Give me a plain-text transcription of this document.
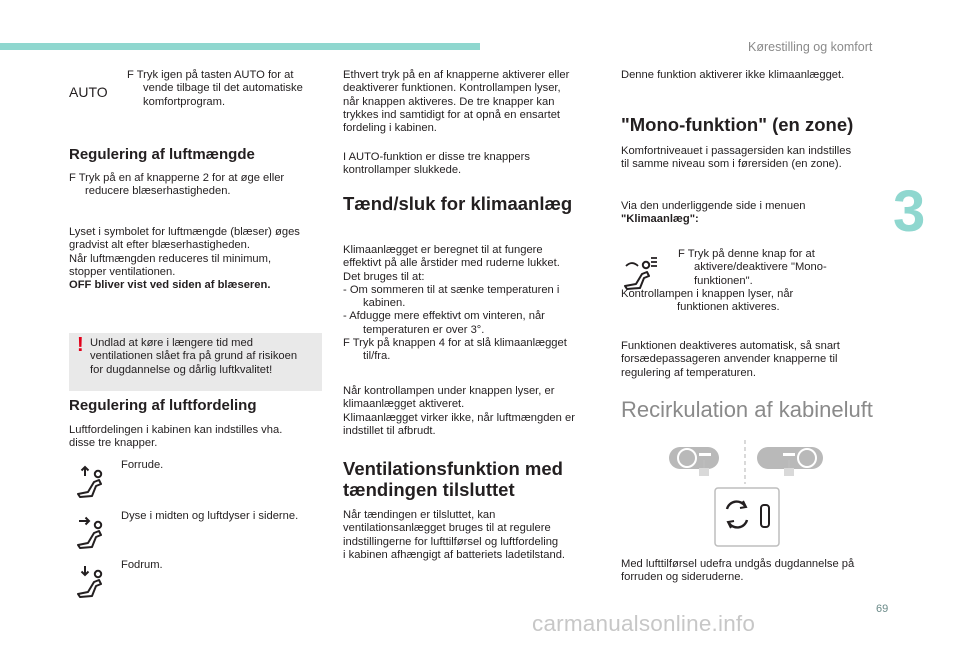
Kørestilling og komfort
3
AUTO
F Tryk igen på tasten AUTO for at
vende tilbage til det automatiske
komfortprogram.
Regulering af luftmængde
F Tryk på en af knapperne 2 for at øge eller
reducere blæserhastigheden.
Lyset i symbolet for luftmængde (blæser) øges
gradvist alt efter blæserhastigheden.
Når luftmængden reduceres til minimum,
stopper ventilationen.
OFF bliver vist ved siden af blæseren.
! Undlad at køre i længere tid med
ventilationen slået fra på grund af risikoen
for dugdannelse og dårlig luftkvalitet!
Regulering af luftfordeling
Luftfordelingen i kabinen kan indstilles vha.
disse tre knapper.
Forrude.
Dyse i midten og luftdyser i siderne.
Fodrum.
Ethvert tryk på en af knapperne aktiverer eller
deaktiverer funktionen. Kontrollampen lyser,
når knappen aktiveres. De tre knapper kan
trykkes ind samtidigt for at opnå en ensartet
fordeling i kabinen.
I AUTO-funktion er disse tre knappers
kontrollamper slukkede.
Tænd/sluk for klimaanlæg
Klimaanlægget er beregnet til at fungere
effektivt på alle årstider med ruderne lukket.
Det bruges til at:
- Om sommeren til at sænke temperaturen i
kabinen.
- Afdugge mere effektivt om vinteren, når
temperaturen er over 3°.
F Tryk på knappen 4 for at slå klimaanlægget
til/fra.
Når kontrollampen under knappen lyser, er
klimaanlægget aktiveret.
Klimaanlægget virker ikke, når luftmængden er
indstillet til afbrudt.
Ventilationsfunktion med
tændingen tilsluttet
Når tændingen er tilsluttet, kan
ventilationsanlægget bruges til at regulere
indstillingerne for lufttilførsel og luftfordeling
i kabinen afhængigt af batteriets ladetilstand.
Denne funktion aktiverer ikke klimaanlægget.
"Mono-funktion" (en zone)
Komfortniveauet i passagersiden kan indstilles
til samme niveau som i førersiden (en zone).
Via den underliggende side i menuen
"Klimaanlæg":
F Tryk på denne knap for at
aktivere/deaktivere "Mono-
funktionen".
Kontrollampen i knappen lyser, når
funktionen aktiveres.
Funktionen deaktiveres automatisk, så snart
forsædepassageren anvender knapperne til
regulering af temperaturen.
Recirkulation af kabineluft
Med lufttilførsel udefra undgås dugdannelse på
forruden og sideruderne.
69
carmanualsonline.info
